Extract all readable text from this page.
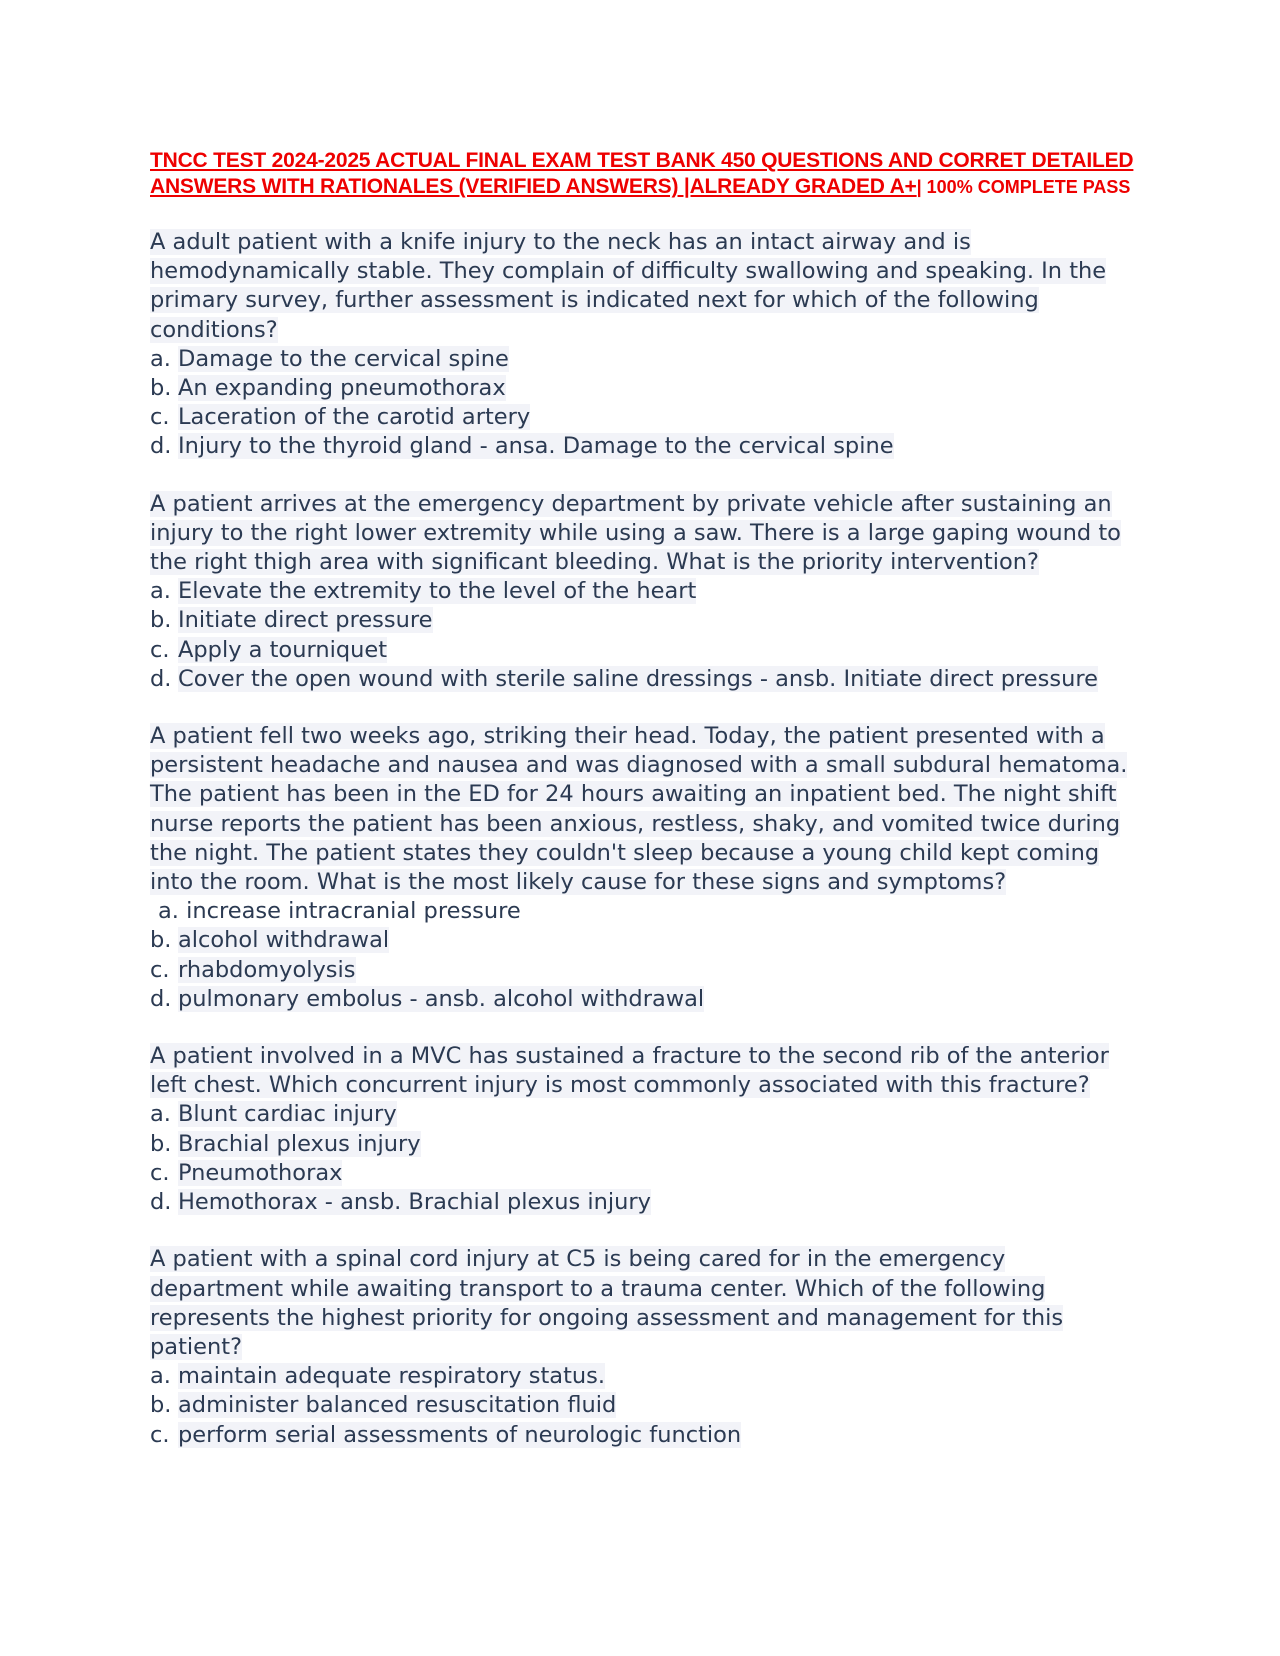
TNCC TEST 2024-2025 ACTUAL FINAL EXAM TEST BANK 450 QUESTIONS AND CORRET DETAILED ANSWERS WITH RATIONALES (VERIFIED ANSWERS) |ALREADY GRADED A+| 100% COMPLETE PASS
A adult patient with a knife injury to the neck has an intact airway and is hemodynamically stable. They complain of difficulty swallowing and speaking. In the primary survey, further assessment is indicated next for which of the following conditions?
a. Damage to the cervical spine
b. An expanding pneumothorax
c. Laceration of the carotid artery
d. Injury to the thyroid gland - ansa. Damage to the cervical spine
A patient arrives at the emergency department by private vehicle after sustaining an injury to the right lower extremity while using a saw. There is a large gaping wound to the right thigh area with significant bleeding. What is the priority intervention?
a. Elevate the extremity to the level of the heart
b. Initiate direct pressure
c. Apply a tourniquet
d. Cover the open wound with sterile saline dressings - ansb. Initiate direct pressure
A patient fell two weeks ago, striking their head. Today, the patient presented with a persistent headache and nausea and was diagnosed with a small subdural hematoma. The patient has been in the ED for 24 hours awaiting an inpatient bed. The night shift nurse reports the patient has been anxious, restless, shaky, and vomited twice during the night. The patient states they couldn't sleep because a young child kept coming into the room. What is the most likely cause for these signs and symptoms?
a. increase intracranial pressure
b. alcohol withdrawal
c. rhabdomyolysis
d. pulmonary embolus - ansb. alcohol withdrawal
A patient involved in a MVC has sustained a fracture to the second rib of the anterior left chest. Which concurrent injury is most commonly associated with this fracture?
a. Blunt cardiac injury
b. Brachial plexus injury
c. Pneumothorax
d. Hemothorax - ansb. Brachial plexus injury
A patient with a spinal cord injury at C5 is being cared for in the emergency department while awaiting transport to a trauma center. Which of the following represents the highest priority for ongoing assessment and management for this patient?
a. maintain adequate respiratory status.
b. administer balanced resuscitation fluid
c. perform serial assessments of neurologic function
